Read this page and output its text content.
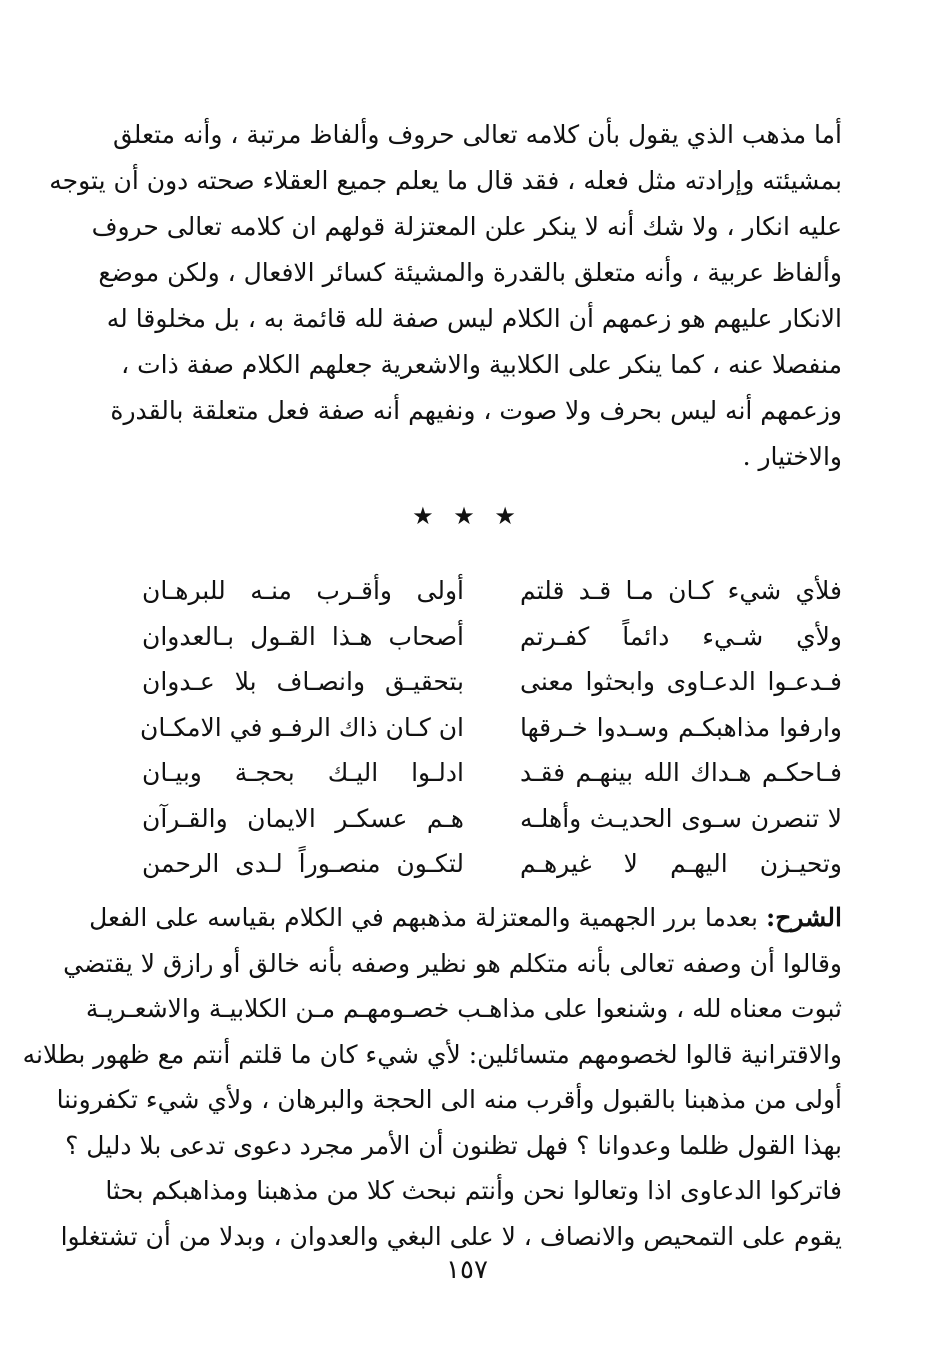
أما مذهب الذي يقول بأن كلامه تعالى حروف وألفاظ مرتبة ، وأنه متعلق
بمشيئته وإرادته مثل فعله ، فقد قال ما يعلم جميع العقلاء صحته دون أن يتوجه
عليه انكار ، ولا شك أنه لا ينكر علن المعتزلة قولهم ان كلامه تعالى حروف
وألفاظ عربية ، وأنه متعلق بالقدرة والمشيئة كسائر الافعال ، ولكن موضع
الانكار عليهم هو زعمهم أن الكلام ليس صفة لله قائمة به ، بل مخلوقا له
منفصلا عنه ، كما ينكر على الكلابية والاشعرية جعلهم الكلام صفة ذات ،
وزعمهم أنه ليس بحرف ولا صوت ، ونفيهم أنه صفة فعل متعلقة بالقدرة
والاختيار .
★ ★ ★
فلأي شيء كـان مـا قـد قلتم
أولى وأقـرب منـه للبرهـان
ولأي شـيء دائماً كفـرتم
أصحاب هـذا القـول بـالعدوان
فـدعـوا الدعـاوى وابحثوا معنى
بتحقيـق وانصـاف بلا عـدوان
وارفوا مذاهبكـم وسـدوا خـرقها
ان كـان ذاك الرفـو في الامكـان
فـاحكـم هـداك الله بينهـم فقـد
ادلـوا اليـك بحجـة وبيـان
لا تنصرن سـوى الحديـث وأهلـه
هـم عسكـر الايمان والقـرآن
وتحيـزن اليهـم لا غيرهـم
لتكـون منصـوراً لـدى الرحمن
الشرح: بعدما برر الجهمية والمعتزلة مذهبهم في الكلام بقياسه على الفعل
وقالوا أن وصفه تعالى بأنه متكلم هو نظير وصفه بأنه خالق أو رازق لا يقتضي
ثبوت معناه لله ، وشنعوا على مذاهـب خصـومهـم مـن الكلابيـة والاشعـريـة
والاقترانية قالوا لخصومهم متسائلين: لأي شيء كان ما قلتم أنتم مع ظهور بطلانه
أولى من مذهبنا بالقبول وأقرب منه الى الحجة والبرهان ، ولأي شيء تكفروننا
بهذا القول ظلما وعدوانا ؟ فهل تظنون أن الأمر مجرد دعوى تدعى بلا دليل ؟
فاتركوا الدعاوى اذا وتعالوا نحن وأنتم نبحث كلا من مذهبنا ومذاهبكم بحثا
يقوم على التمحيص والانصاف ، لا على البغي والعدوان ، وبدلا من أن تشتغلوا
١٥٧
